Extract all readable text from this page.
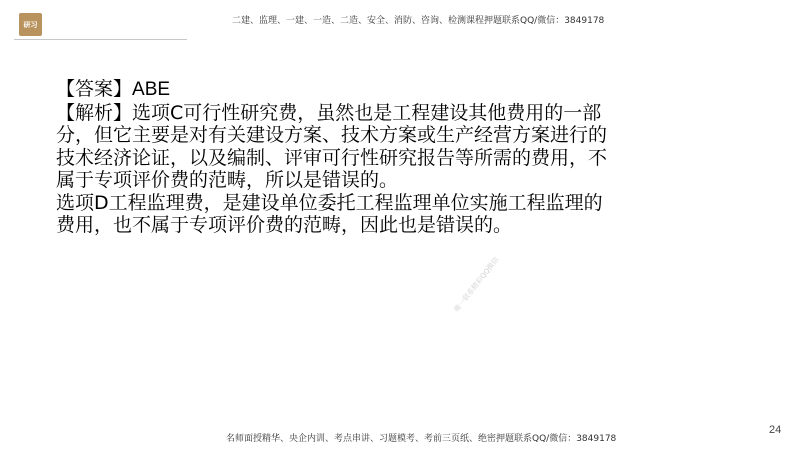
研习	二建、监理、一建、一造、二造、安全、消防、咨询、检测课程押题联系QQ/微信：3849178

【答案】ABE

【解析】选项C可行性研究费，虽然也是工程建设其他费用的一部分，但它主要是对有关建设方案、技术方案或生产经营方案进行的技术经济论证，以及编制、评审可行性研究报告等所需的费用，不属于专项评价费的范畴，所以是错误的。

选项D工程监理费，是建设单位委托工程监理单位实施工程监理的费用，也不属于专项评价费的范畴，因此也是错误的。

唯一联系精彩QQ微信
名师面授精华、央企内训、考点串讲、习题模考、考前三页纸、绝密押题联系QQ/微信：3849178
24
